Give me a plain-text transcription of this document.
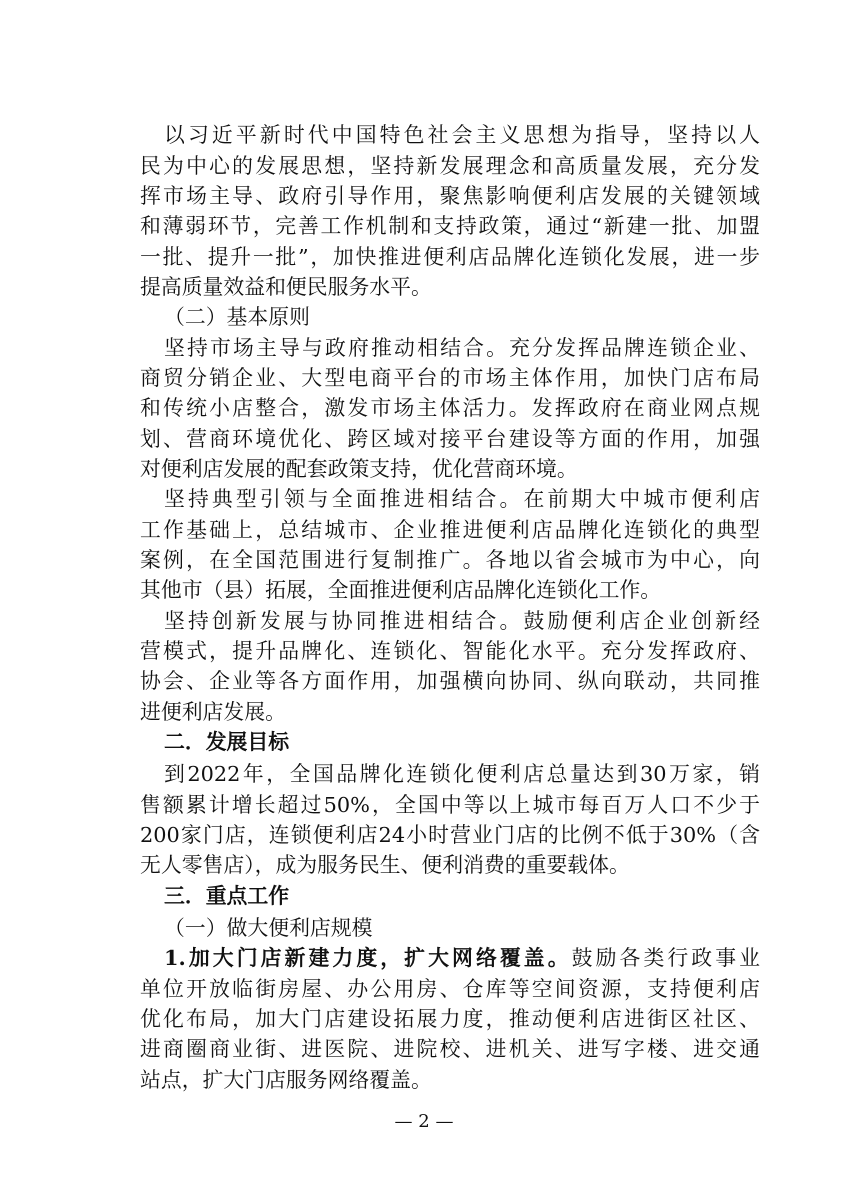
以习近平新时代中国特色社会主义思想为指导，坚持以人
民为中心的发展思想，坚持新发展理念和高质量发展，充分发
挥市场主导、政府引导作用，聚焦影响便利店发展的关键领域
和薄弱环节，完善工作机制和支持政策，通过“新建一批、加盟
一批、提升一批”，加快推进便利店品牌化连锁化发展，进一步
提高质量效益和便民服务水平。
（二）基本原则
坚持市场主导与政府推动相结合。充分发挥品牌连锁企业、
商贸分销企业、大型电商平台的市场主体作用，加快门店布局
和传统小店整合，激发市场主体活力。发挥政府在商业网点规
划、营商环境优化、跨区域对接平台建设等方面的作用，加强
对便利店发展的配套政策支持，优化营商环境。
坚持典型引领与全面推进相结合。在前期大中城市便利店
工作基础上，总结城市、企业推进便利店品牌化连锁化的典型
案例，在全国范围进行复制推广。各地以省会城市为中心，向
其他市（县）拓展，全面推进便利店品牌化连锁化工作。
坚持创新发展与协同推进相结合。鼓励便利店企业创新经
营模式，提升品牌化、连锁化、智能化水平。充分发挥政府、
协会、企业等各方面作用，加强横向协同、纵向联动，共同推
进便利店发展。
二．发展目标
到2022年，全国品牌化连锁化便利店总量达到30万家，销
售额累计增长超过50%，全国中等以上城市每百万人口不少于
200家门店，连锁便利店24小时营业门店的比例不低于30%（含
无人零售店），成为服务民生、便利消费的重要载体。
三．重点工作
（一）做大便利店规模
1.加大门店新建力度，扩大网络覆盖。鼓励各类行政事业
单位开放临街房屋、办公用房、仓库等空间资源，支持便利店
优化布局，加大门店建设拓展力度，推动便利店进街区社区、
进商圈商业街、进医院、进院校、进机关、进写字楼、进交通
站点，扩大门店服务网络覆盖。
— 2 —
